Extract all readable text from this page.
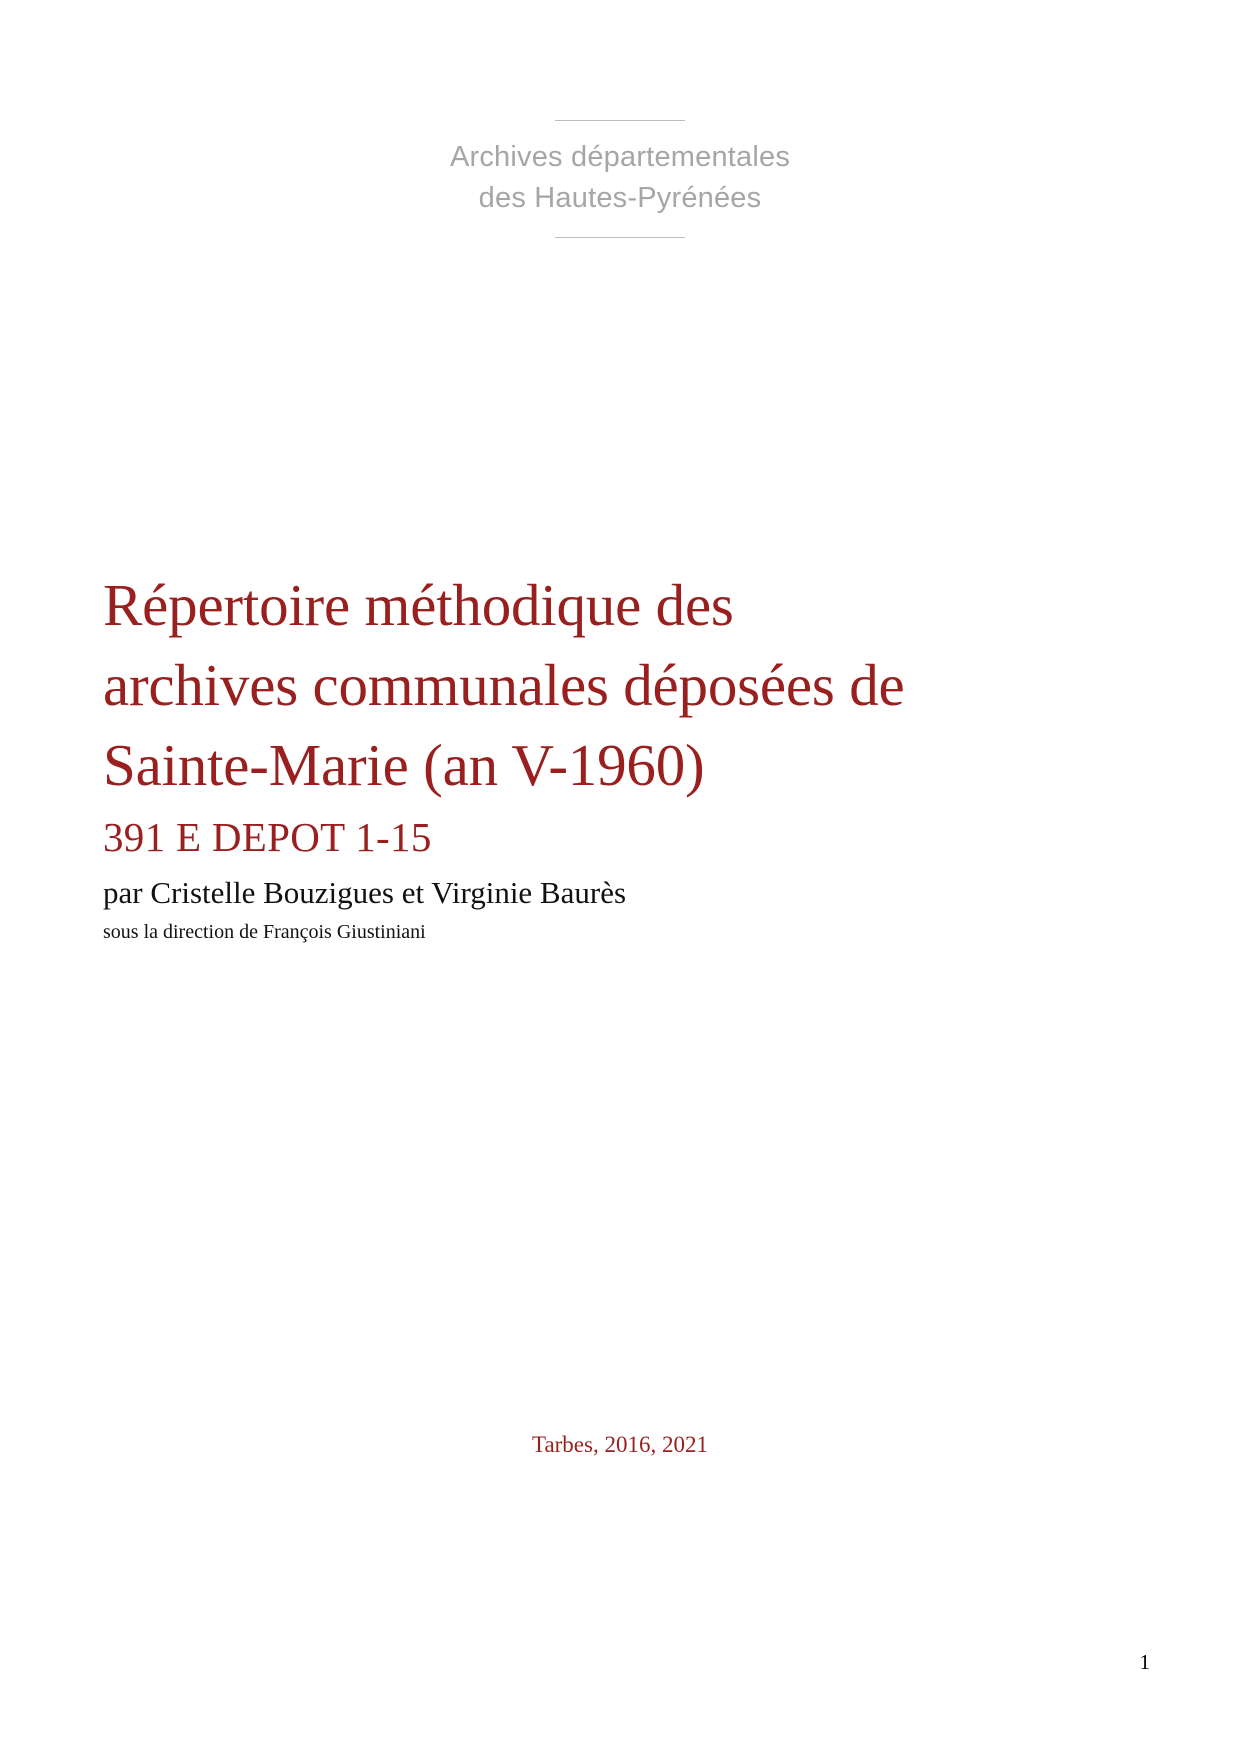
Archives départementales
des Hautes-Pyrénées
Répertoire méthodique des archives communales déposées de Sainte-Marie (an V-1960)
391 E DEPOT 1-15
par Cristelle Bouzigues et Virginie Baurès
sous la direction de François Giustiniani
Tarbes, 2016, 2021
1
